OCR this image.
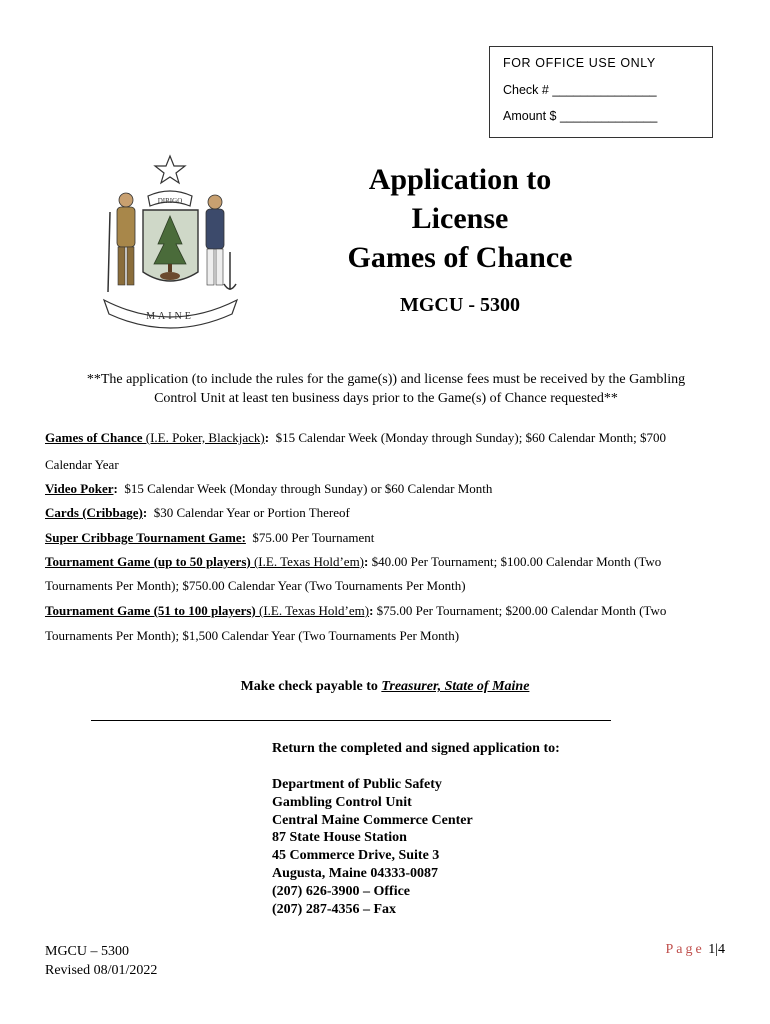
FOR OFFICE USE ONLY
Check # _______________
Amount $ ______________
DIRIGO
MAINE
Application to
License
Games of Chance
MGCU - 5300
**The application (to include the rules for the game(s)) and license fees must be received by the Gambling
Control Unit at least ten business days prior to the Game(s) of Chance requested**
Games of Chance (I.E. Poker, Blackjack):  $15 Calendar Week (Monday through Sunday); $60 Calendar Month; $700
Calendar Year
Video Poker:  $15 Calendar Week (Monday through Sunday) or $60 Calendar Month
Cards (Cribbage):  $30 Calendar Year or Portion Thereof
Super Cribbage Tournament Game:  $75.00 Per Tournament
Tournament Game (up to 50 players) (I.E. Texas Hold’em): $40.00 Per Tournament; $100.00 Calendar Month (Two
Tournaments Per Month); $750.00 Calendar Year (Two Tournaments Per Month)
Tournament Game (51 to 100 players) (I.E. Texas Hold’em): $75.00 Per Tournament; $200.00 Calendar Month (Two
Tournaments Per Month); $1,500 Calendar Year (Two Tournaments Per Month)
Make check payable to Treasurer, State of Maine
Return the completed and signed application to:
Department of Public Safety
Gambling Control Unit
Central Maine Commerce Center
87 State House Station
45 Commerce Drive, Suite 3
Augusta, Maine 04333-0087
(207) 626-3900 – Office
(207) 287-4356 – Fax
MGCU – 5300
Revised 08/01/2022
Page 1|4
